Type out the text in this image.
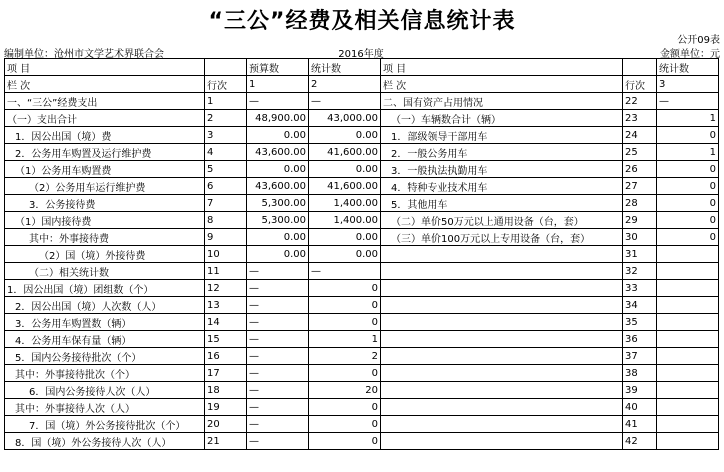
“三公”经费及相关信息统计表
公开09表
编制单位：沧州市文学艺术界联合会	2016年度	金额单位：元
项 目		预算数	统计数	项 目		统计数
栏 次	行次	1	2	栏 次	行次	3
一、“三公”经费支出	1	—	—	二、国有资产占用情况	22	—
（一）支出合计	2	48,900.00	43,000.00	（一）车辆数合计（辆）	23	1
1．因公出国（境）费	3	0.00	0.00	1．部级领导干部用车	24	0
2．公务用车购置及运行维护费	4	43,600.00	41,600.00	2．一般公务用车	25	1
（1）公务用车购置费	5	0.00	0.00	3．一般执法执勤用车	26	0
（2）公务用车运行维护费	6	43,600.00	41,600.00	4．特种专业技术用车	27	0
3．公务接待费	7	5,300.00	1,400.00	5．其他用车	28	0
（1）国内接待费	8	5,300.00	1,400.00	（二）单价50万元以上通用设备（台，套）	29	0
其中：外事接待费	9	0.00	0.00	（三）单价100万元以上专用设备（台，套）	30	0
（2）国（境）外接待费	10	0.00	0.00		31	
（二）相关统计数	11	—	—		32	
1．因公出国（境）团组数（个）	12	—	0		33	
2．因公出国（境）人次数（人）	13	—	0		34	
3．公务用车购置数（辆）	14	—	0		35	
4．公务用车保有量（辆）	15	—	1		36	
5．国内公务接待批次（个）	16	—	2		37	
其中：外事接待批次（个）	17	—	0		38	
6．国内公务接待人次（人）	18	—	20		39	
其中：外事接待人次（人）	19	—	0		40	
7．国（境）外公务接待批次（个）	20	—	0		41	
8．国（境）外公务接待人次（人）	21	—	0		42	
